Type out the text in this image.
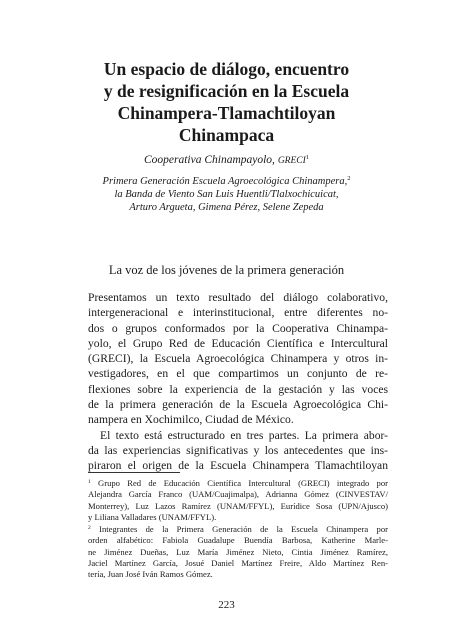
Un espacio de diálogo, encuentro
y de resignificación en la Escuela
Chinampera-Tlamachtiloyan
Chinampaca
Cooperativa Chinampayolo, GRECI$^1$
Primera Generación Escuela Agroecológica Chinampera,$^2$
la Banda de Viento San Luis Huentli/Tlalxochicuicat,
Arturo Argueta, Gimena Pérez, Selene Zepeda
La voz de los jóvenes de la primera generación
Presentamos un texto resultado del diálogo colaborativo,
intergeneracional e interinstitucional, entre diferentes no-
dos o grupos conformados por la Cooperativa Chinampa-
yolo, el Grupo Red de Educación Científica e Intercultural
(GRECI), la Escuela Agroecológica Chinampera y otros in-
vestigadores, en el que compartimos un conjunto de re-
flexiones sobre la experiencia de la gestación y las voces
de la primera generación de la Escuela Agroecológica Chi-
nampera en Xochimilco, Ciudad de México.
El texto está estructurado en tres partes. La primera abor-
da las experiencias significativas y los antecedentes que ins-
piraron el origen de la Escuela Chinampera Tlamachtiloyan
$^1$ Grupo Red de Educación Científica Intercultural (GRECI) integrado por
Alejandra García Franco (UAM/Cuajimalpa), Adrianna Gómez (CINVESTAV/
Monterrey), Luz Lazos Ramírez (UNAM/FFYL), Eurídice Sosa (UPN/Ajusco)
y Liliana Valladares (UNAM/FFYL).
$^2$ Integrantes de la Primera Generación de la Escuela Chinampera por
orden alfabético: Fabiola Guadalupe Buendía Barbosa, Katherine Marle-
ne Jiménez Dueñas, Luz María Jiménez Nieto, Cintia Jiménez Ramírez,
Jaciel Martínez García, Josué Daniel Martínez Freire, Aldo Martínez Ren-
tería, Juan José Iván Ramos Gómez.
223
